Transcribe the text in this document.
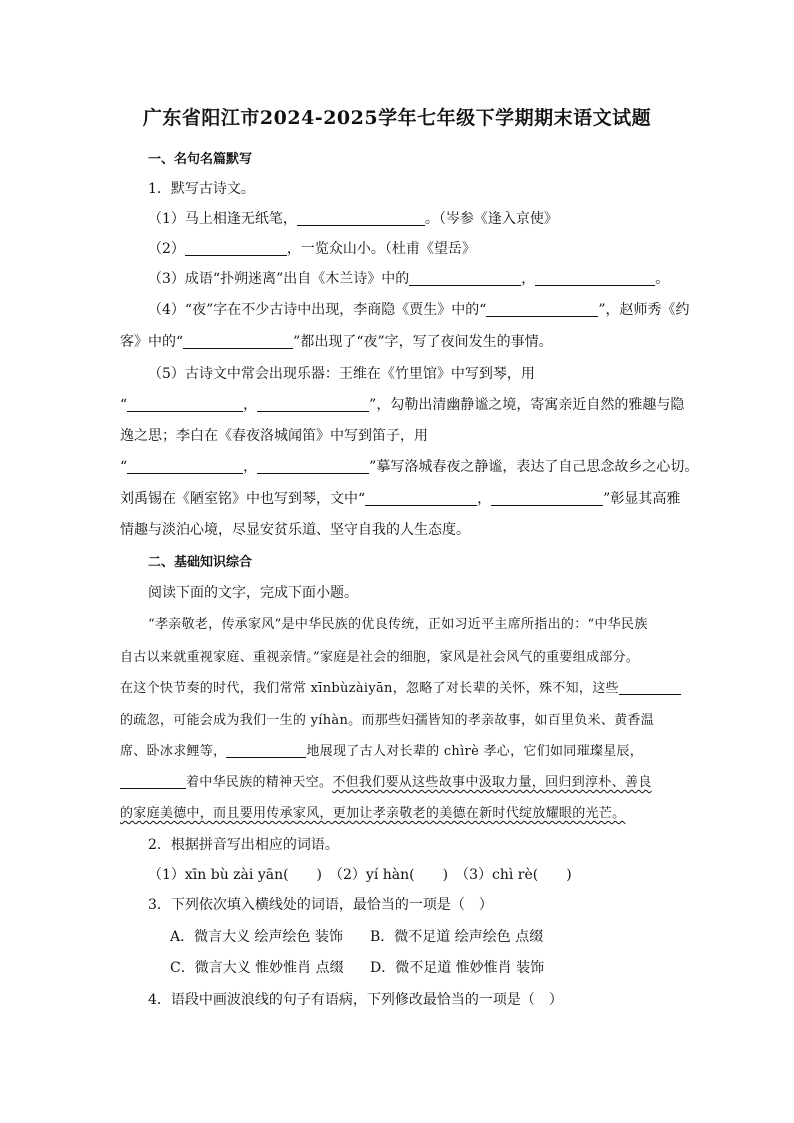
广东省阳江市2024-2025学年七年级下学期期末语文试题
一、名句名篇默写
1．默写古诗文。
（1）马上相逢无纸笔，	。（岑参《逢入京使》
（2）	，一览众山小。（杜甫《望岳》
（3）成语“扑朔迷离”出自《木兰诗》中的	，	。
（4）“夜”字在不少古诗中出现，李商隐《贾生》中的“	”，赵师秀《约
客》中的“	”都出现了“夜”字，写了夜间发生的事情。
（5）古诗文中常会出现乐器：王维在《竹里馆》中写到琴，用
“	，	”，勾勒出清幽静谧之境，寄寓亲近自然的雅趣与隐
逸之思；李白在《春夜洛城闻笛》中写到笛子，用
“	，	”摹写洛城春夜之静谧，表达了自己思念故乡之心切。
刘禹锡在《陋室铭》中也写到琴，文中“	，	”彰显其高雅
情趣与淡泊心境，尽显安贫乐道、坚守自我的人生态度。
二、基础知识综合
阅读下面的文字，完成下面小题。
“孝亲敬老，传承家风”是中华民族的优良传统，正如习近平主席所指出的：“中华民族
自古以来就重视家庭、重视亲情。”家庭是社会的细胞，家风是社会风气的重要组成部分。
在这个快节奏的时代，我们常常 xīnbùzàiyān，忽略了对长辈的关怀，殊不知，这些
的疏忽，可能会成为我们一生的 yíhàn。而那些妇孺皆知的孝亲故事，如百里负米、黄香温
席、卧冰求鲤等，	地展现了古人对长辈的 chìrè 孝心，它们如同璀璨星辰，
着中华民族的精神天空。不但我们要从这些故事中汲取力量，回归到淳朴、善良
的家庭美德中，而且要用传承家风，更加让孝亲敬老的美德在新时代绽放耀眼的光芒。
2．根据拼音写出相应的词语。
（1）xīn bù zài yān(　　)　（2）yí hàn(　　)　（3）chì rè(　　)
3．下列依次填入横线处的词语，最恰当的一项是（　）
A．微言大义 绘声绘色 装饰 B．微不足道 绘声绘色 点缀
C．微言大义 惟妙惟肖 点缀 D．微不足道 惟妙惟肖 装饰
4．语段中画波浪线的句子有语病，下列修改最恰当的一项是（　）
